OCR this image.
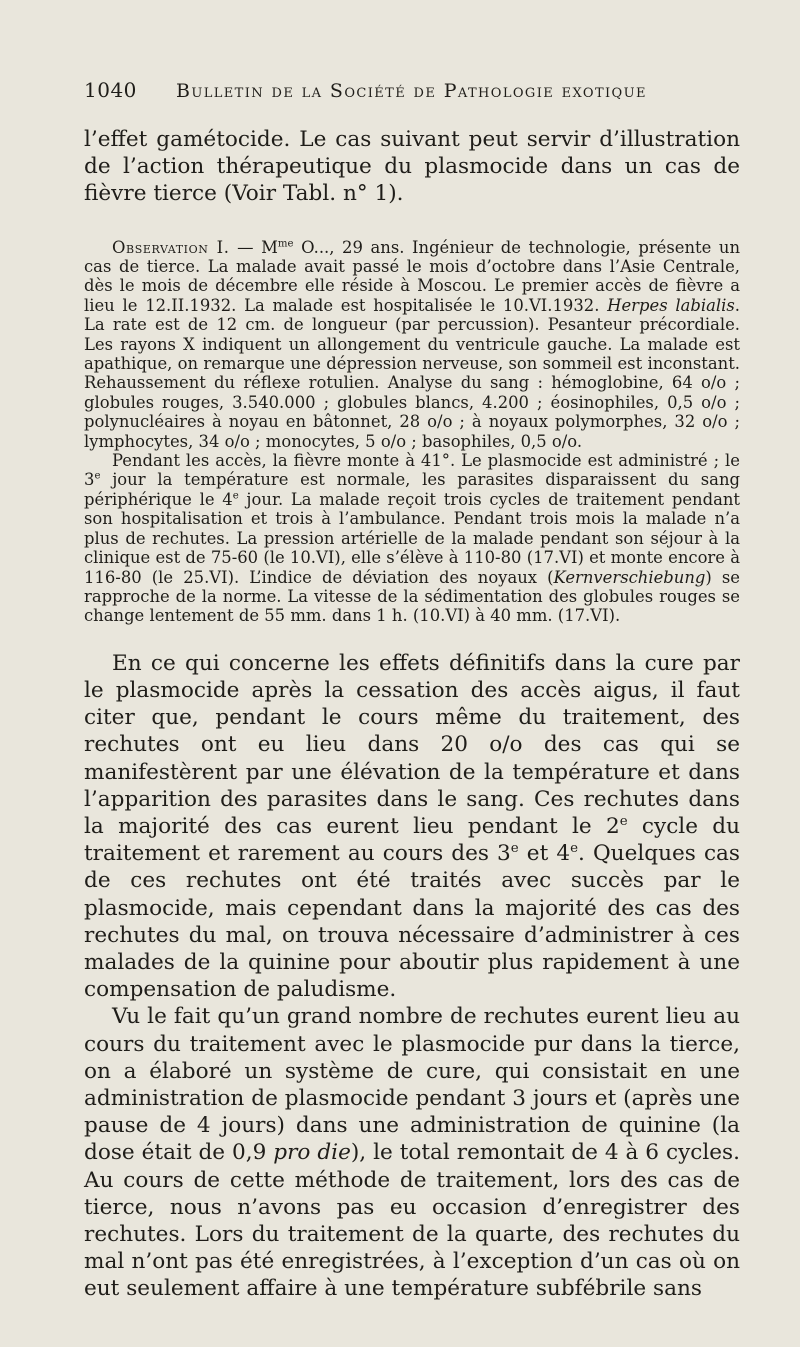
1040	Bulletin de la Société de Pathologie exotique

l’effet gamétocide. Le cas suivant peut servir d’illustration de l’action thérapeutique du plasmocide dans un cas de fièvre tierce (Voir Tabl. n° 1).

Observation I. — $M^{me}$ O..., 29 ans. Ingénieur de technologie, présente un cas de tierce. La malade avait passé le mois d’octobre dans l’Asie Centrale, dès le mois de décembre elle réside à Moscou. Le premier accès de fièvre a lieu le 12.II.1932. La malade est hospitalisée le 10.VI.1932. Herpes labialis. La rate est de 12 cm. de longueur (par percussion). Pesanteur précordiale. Les rayons X indiquent un allongement du ventricule gauche. La malade est apathique, on remarque une dépression nerveuse, son sommeil est inconstant. Rehaussement du réflexe rotulien. Analyse du sang : hémoglobine, 64 o/o ; globules rouges, 3.540.000 ; globules blancs, 4.200 ; éosinophiles, 0,5 o/o ; polynucléaires à noyau en bâtonnet, 28 o/o ; à noyaux polymorphes, 32 o/o ; lymphocytes, 34 o/o ; monocytes, 5 o/o ; basophiles, 0,5 o/o.

Pendant les accès, la fièvre monte à 41°. Le plasmocide est administré ; le 3e jour la température est normale, les parasites disparaissent du sang périphérique le 4e jour. La malade reçoit trois cycles de traitement pendant son hospitalisation et trois à l’ambulance. Pendant trois mois la malade n’a plus de rechutes. La pression artérielle de la malade pendant son séjour à la clinique est de 75-60 (le 10.VI), elle s’élève à 110-80 (17.VI) et monte encore à 116-80 (le 25.VI). L’indice de déviation des noyaux (Kernverschiebung) se rapproche de la norme. La vitesse de la sédimentation des globules rouges se change lentement de 55 mm. dans 1 h. (10.VI) à 40 mm. (17.VI).

En ce qui concerne les effets définitifs dans la cure par le plasmocide après la cessation des accès aigus, il faut citer que, pendant le cours même du traitement, des rechutes ont eu lieu dans 20 o/o des cas qui se manifestèrent par une élévation de la température et dans l’apparition des parasites dans le sang. Ces rechutes dans la majorité des cas eurent lieu pendant le 2e cycle du traitement et rarement au cours des 3e et 4e. Quelques cas de ces rechutes ont été traités avec succès par le plasmocide, mais cependant dans la majorité des cas des rechutes du mal, on trouva nécessaire d’administrer à ces malades de la quinine pour aboutir plus rapidement à une compensation de paludisme.

Vu le fait qu’un grand nombre de rechutes eurent lieu au cours du traitement avec le plasmocide pur dans la tierce, on a élaboré un système de cure, qui consistait en une administration de plasmocide pendant 3 jours et (après une pause de 4 jours) dans une administration de quinine (la dose était de 0,9 pro die), le total remontait de 4 à 6 cycles. Au cours de cette méthode de traitement, lors des cas de tierce, nous n’avons pas eu occasion d’enregistrer des rechutes. Lors du traitement de la quarte, des rechutes du mal n’ont pas été enregistrées, à l’exception d’un cas où on eut seulement affaire à une température subfébrile sans
